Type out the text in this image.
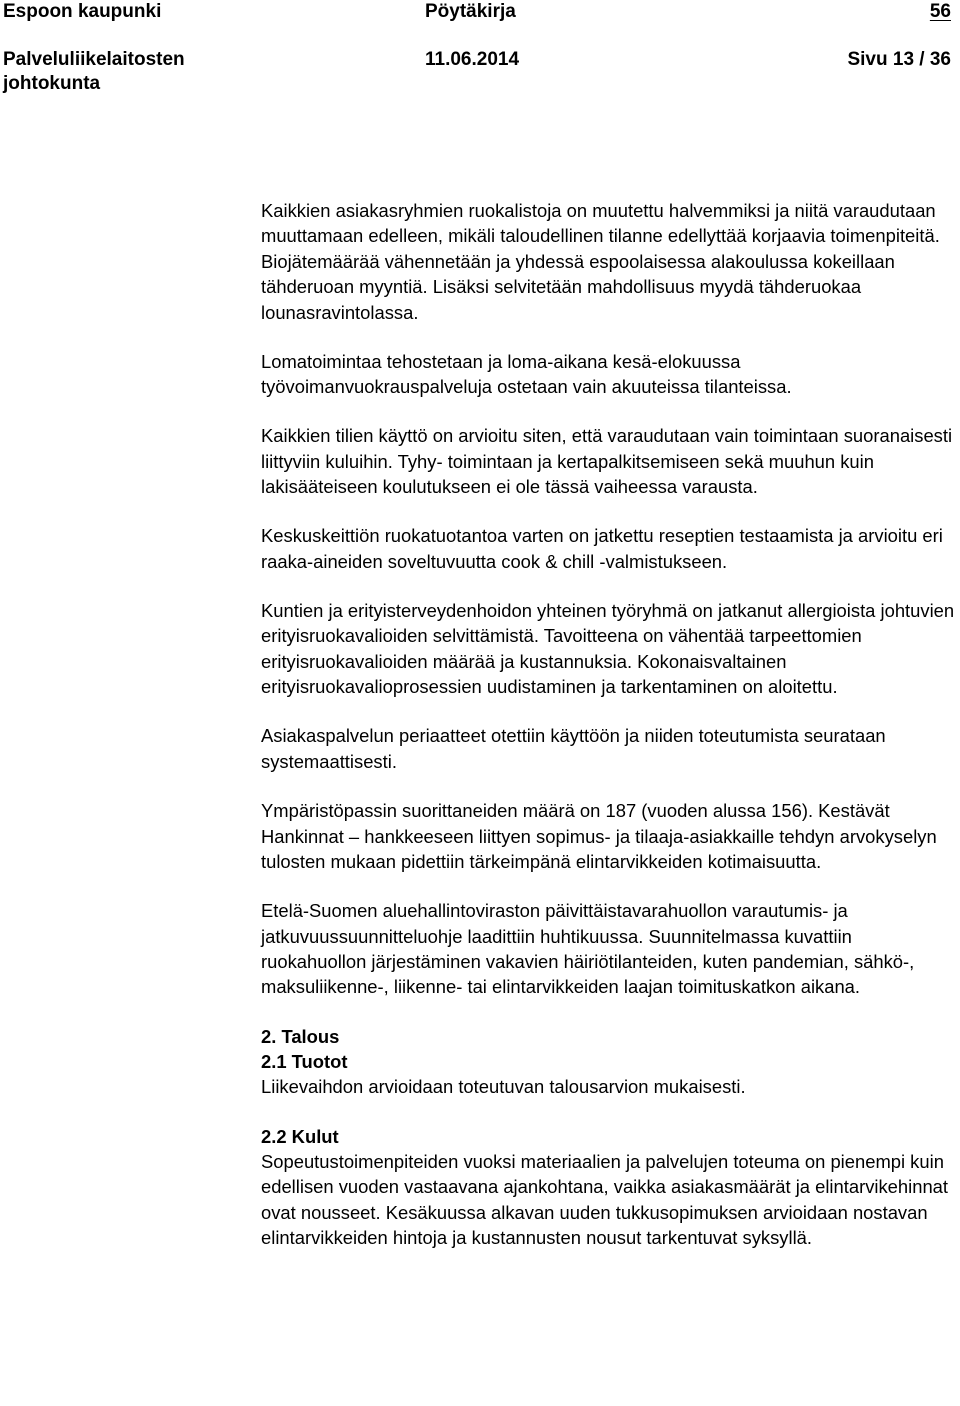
Espoon kaupunki	Pöytäkirja	56
Palveluliikelaitosten
johtokunta
11.06.2014	Sivu 13 / 36

Kaikkien asiakasryhmien ruokalistoja on muutettu halvemmiksi ja niitä varaudutaan muuttamaan edelleen, mikäli taloudellinen tilanne edellyttää korjaavia toimenpiteitä. Biojätemäärää vähennetään ja yhdessä espoolaisessa alakoulussa kokeillaan tähderuoan myyntiä. Lisäksi selvitetään mahdollisuus myydä tähderuokaa lounasravintolassa.

Lomatoimintaa tehostetaan ja loma-aikana kesä-elokuussa työvoimanvuokrauspalveluja ostetaan vain akuuteissa tilanteissa.

Kaikkien tilien käyttö on arvioitu siten, että varaudutaan vain toimintaan suoranaisesti liittyviin kuluihin. Tyhy- toimintaan ja kertapalkitsemiseen sekä muuhun kuin lakisääteiseen koulutukseen ei ole tässä vaiheessa varausta.

Keskuskeittiön ruokatuotantoa varten on jatkettu reseptien testaamista ja arvioitu eri raaka-aineiden soveltuvuutta cook & chill -valmistukseen.

Kuntien ja erityisterveydenhoidon yhteinen työryhmä on jatkanut allergioista johtuvien erityisruokavalioiden selvittämistä. Tavoitteena on vähentää tarpeettomien erityisruokavalioiden määrää ja kustannuksia. Kokonaisvaltainen erityisruokavalioprosessien uudistaminen ja tarkentaminen on aloitettu.

Asiakaspalvelun periaatteet otettiin käyttöön ja niiden toteutumista seurataan systemaattisesti.

Ympäristöpassin suorittaneiden määrä on 187 (vuoden alussa 156). Kestävät Hankinnat – hankkeeseen liittyen sopimus- ja tilaaja-asiakkaille tehdyn arvokyselyn tulosten mukaan pidettiin tärkeimpänä elintarvikkeiden kotimaisuutta.

Etelä-Suomen aluehallintoviraston päivittäistavarahuollon varautumis- ja jatkuvuussuunnitteluohje laadittiin huhtikuussa. Suunnitelmassa kuvattiin ruokahuollon järjestäminen vakavien häiriötilanteiden, kuten pandemian, sähkö-, maksuliikenne-, liikenne- tai elintarvikkeiden laajan toimituskatkon aikana.

2. Talous
2.1 Tuotot

Liikevaihdon arvioidaan toteutuvan talousarvion mukaisesti.

2.2 Kulut

Sopeutustoimenpiteiden vuoksi materiaalien ja palvelujen toteuma on pienempi kuin edellisen vuoden vastaavana ajankohtana, vaikka asiakasmäärät ja elintarvikehinnat ovat nousseet. Kesäkuussa alkavan uuden tukkusopimuksen arvioidaan nostavan elintarvikkeiden hintoja ja kustannusten nousut tarkentuvat syksyllä.
